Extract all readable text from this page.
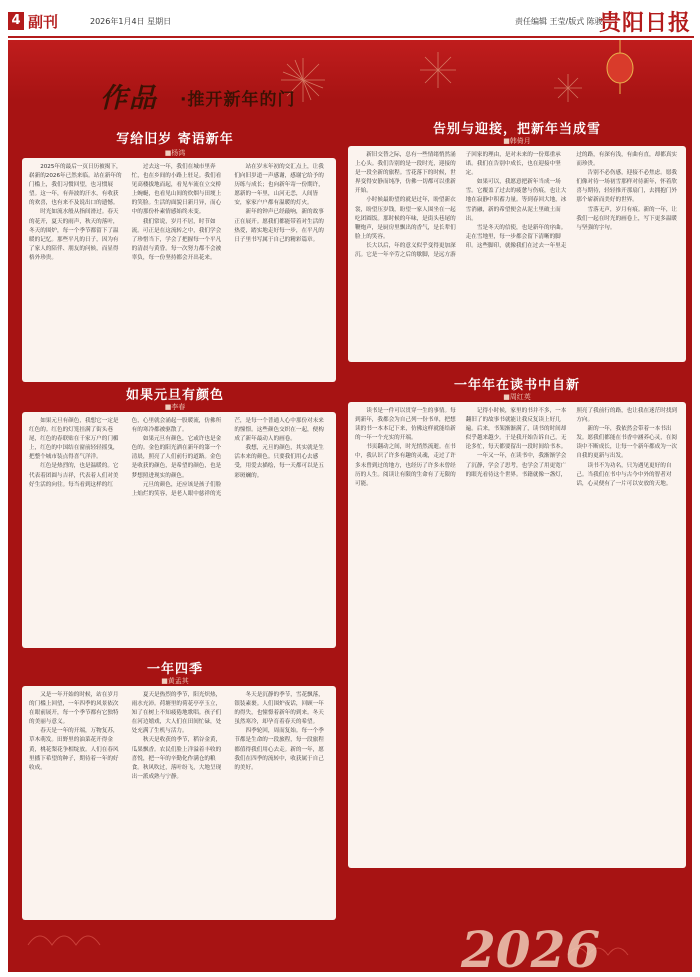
4 副刊	2026年1月4日 星期日	责任编辑 王莹/版式 陈骏
贵阳日报
作品 ·推开新年的门
写给旧岁 寄语新年
■杨鸿

2025年的最后一页日历被揭下，崭新的2026年已然来临。站在新年的门槛上，我们习惯回望，也习惯展望。这一年，有奔波的汗水，有收获的欢喜，也有来不及说出口的遗憾。

时光如流水般从指间滑过。春天的花开，夏天的雨声，秋天的落叶，冬天的围炉，每一个季节都留下了温暖的记忆。那些平凡的日子，因为有了家人的陪伴、朋友的问候，而显得格外珍贵。

过去这一年，我们在城市里奔忙，也在乡间的小路上驻足。我们看见高楼拔地而起，看见车流在立交桥上蜿蜒，也看见山间的炊烟与田埂上的笑脸。生活的面貌日新月异，而心中的那份朴素情感始终未变。

我们常说，岁月不居，时节如流。可正是在这流转之中，我们学会了珍惜当下，学会了把握每一个平凡的清晨与黄昏。每一次努力都不会被辜负，每一份坚持都会开出花来。

站在岁末年初的交汇点上，让我们向旧岁道一声感谢，感谢它给予的历练与成长；也向新年寄一份期许，愿新的一年里，山河无恙，人间皆安，家家户户都有温暖的灯火。

新年的钟声已经敲响，新的故事正在展开。愿我们都能带着对生活的热爱，踏实地走好每一步，在平凡的日子里书写属于自己的精彩篇章。

告别与迎接，把新年当成雪
■韩倚月

新旧交替之际，总有一些情绪悄然涌上心头。我们告别的是一段时光，迎接的是一段全新的旅程。雪花落下的时候，世界变得安静而纯净，仿佛一切都可以重新开始。

小时候最盼望的就是过年，盼望新衣裳，盼望压岁钱，盼望一家人围坐在一起吃团圆饭。那时候的年味，是街头巷尾的鞭炮声，是厨房里飘出的香气，是长辈们脸上的笑容。

长大以后，年的意义似乎变得更加深沉。它是一年辛劳之后的歇脚，是远方游子回家的理由，是对未来的一份郑重承诺。我们在告别中成长，也在迎接中坚定。

如果可以，我愿意把新年当成一场雪。它覆盖了过去的疲惫与伤痕，也让大地在寂静中积蓄力量。等到春回大地，冰雪消融，新的希望便会从泥土里破土而出。

雪是冬天的信使，也是新年的序曲。走在雪地里，每一步都会留下清晰的脚印。这些脚印，就像我们在过去一年里走过的路，有深有浅，有曲有直，却都真实而珍贵。

告别不必伤感，迎接不必焦虑。愿我们像对待一场初雪那样对待新年，怀着欣喜与期待，轻轻推开那扇门，去拥抱门外那个崭新而美好的世界。

雪落无声，岁月有痕。新的一年，让我们一起在时光的画卷上，写下更多温暖与坚强的字句。

如果元旦有颜色
■李春

如果元旦有颜色，我想它一定是红色的。红色的灯笼挂满了街头巷尾，红色的春联贴在千家万户的门楣上，红色的中国结在窗前轻轻摇曳，把整个城市装点得喜气洋洋。

红色是热烈的，也是温暖的。它代表着团圆与吉祥，代表着人们对美好生活的向往。每当看到这样的红色，心里就会涌起一股暖流，仿佛所有的寒冷都被驱散了。

如果元旦有颜色，它或许也是金色的。金色的阳光洒在新年的第一个清晨，照亮了人们前行的道路。金色是收获的颜色，是希望的颜色，也是梦想照进现实的颜色。

元旦的颜色，还应该是孩子们脸上灿烂的笑容，是老人眼中慈祥的光芒，是每一个普通人心中那份对未来的憧憬。这些颜色交织在一起，便构成了新年最动人的画卷。

我想，元旦的颜色，其实就是生活本来的颜色。只要我们用心去感受，用爱去描绘，每一天都可以是五彩斑斓的。

一年年在读书中自新
■周红英

读书是一件可以贯穿一生的事情。每到新年，我都会为自己列一份书单，把想读的书一本本记下来，仿佛这样就能给新的一年一个充实的开端。

书页翻动之间，时光悄然流逝。在书中，我认识了许多有趣的灵魂，走过了许多未曾到过的地方，也经历了许多未曾经历的人生。阅读让有限的生命有了无限的可能。

记得小时候，家里的书并不多，一本翻旧了的故事书就能让我反复读上好几遍。后来，书架渐渐满了，读书的时间却似乎越来越少。于是我开始告诉自己，无论多忙，每天都要留出一段时间给书本。

一年又一年，在读书中，我渐渐学会了沉静，学会了思考，也学会了用更宽广的眼光看待这个世界。书籍就像一盏灯，照亮了我前行的路，也让我在迷茫时找到方向。

新的一年，我依然会带着一本书出发。愿我们都能在书香中涵养心灵，在阅读中不断成长，让每一个新年都成为一次自我的更新与出发。

读书不为功名，只为遇见更好的自己。当我们在书中与古今中外的智者对话，心灵便有了一片可以安放的天地。

一年四季
■黄孟其

又是一年开始的时候，站在岁月的门槛上回望，一年四季的风景依次在眼前展开，每一个季节都有它独特的美丽与意义。

春天是一年的开端，万物复苏，草木萌发。田野里的油菜花开得金黄，桃花梨花争相绽放。人们在春风里播下希望的种子，期待着一年的好收成。

夏天是热烈的季节，阳光炽热，雨水充沛。荷塘里的荷花亭亭玉立，知了在树上不知疲倦地歌唱。孩子们在河边嬉戏，大人们在田间忙碌，处处充满了生机与活力。

秋天是收获的季节，稻谷金黄，瓜果飘香。农民们脸上洋溢着丰收的喜悦，把一年的辛勤化作满仓的粮食。秋风吹过，落叶纷飞，大地呈现出一派成熟与宁静。

冬天是沉静的季节，雪花飘落，银装素裹。人们围炉夜话，回顾一年的得失，也憧憬着新年的到来。冬天虽然寒冷，却孕育着春天的希望。

四季轮回，周而复始。每一个季节都是生命的一段旅程，每一段旅程都值得我们用心去走。新的一年，愿我们在四季的流转中，收获属于自己的美好。

2026
